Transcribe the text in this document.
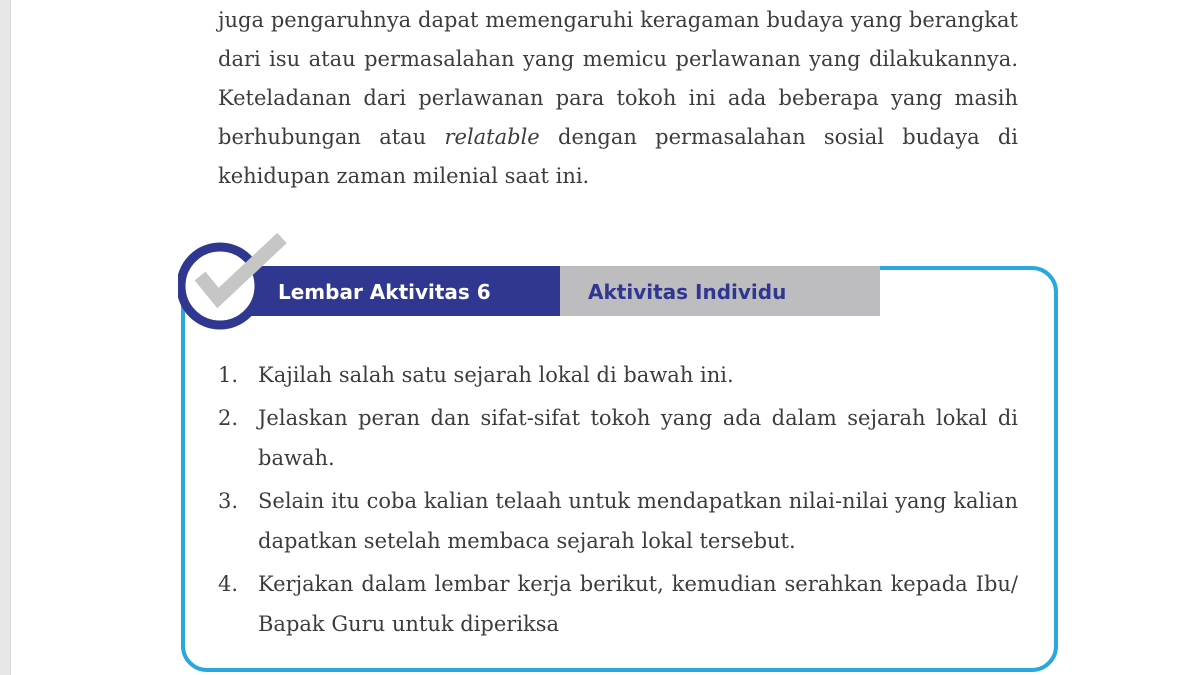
juga pengaruhnya dapat memengaruhi keragaman budaya yang berangkat
dari isu atau permasalahan yang memicu perlawanan yang dilakukannya.
Keteladanan dari perlawanan para tokoh ini ada beberapa yang masih
berhubungan atau relatable dengan permasalahan sosial budaya di
kehidupan zaman milenial saat ini.
Lembar Aktivitas 6	Aktivitas Individu
1. Kajilah salah satu sejarah lokal di bawah ini.
2. Jelaskan peran dan sifat-sifat tokoh yang ada dalam sejarah lokal di
bawah.
3. Selain itu coba kalian telaah untuk mendapatkan nilai-nilai yang kalian
dapatkan setelah membaca sejarah lokal tersebut.
4. Kerjakan dalam lembar kerja berikut, kemudian serahkan kepada Ibu/
Bapak Guru untuk diperiksa
